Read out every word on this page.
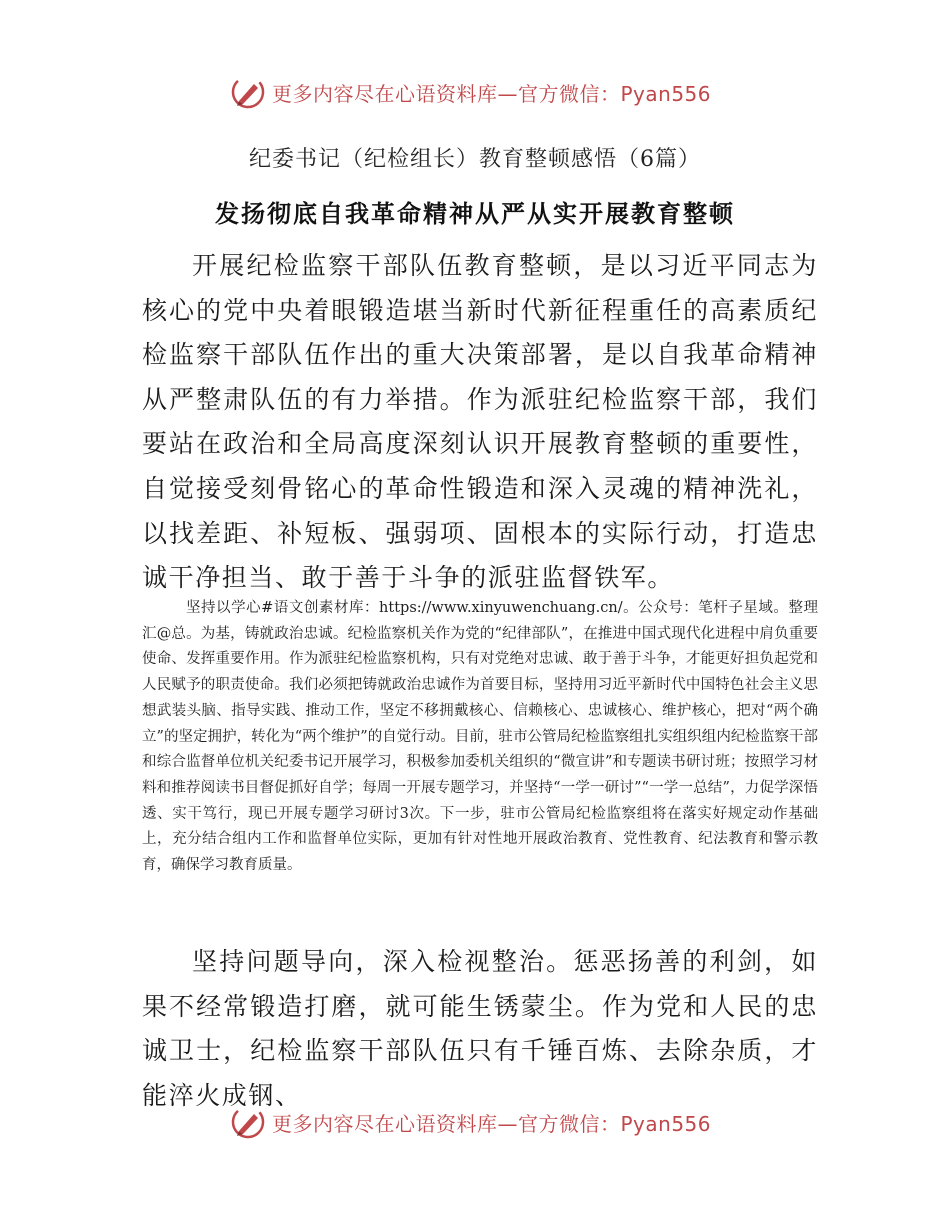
更多内容尽在心语资料库—官方微信：Pyan556
纪委书记（纪检组长）教育整顿感悟（6篇）
发扬彻底自我革命精神从严从实开展教育整顿

开展纪检监察干部队伍教育整顿，是以习近平同志为核心的党中央着眼锻造堪当新时代新征程重任的高素质纪检监察干部队伍作出的重大决策部署，是以自我革命精神从严整肃队伍的有力举措。作为派驻纪检监察干部，我们要站在政治和全局高度深刻认识开展教育整顿的重要性，自觉接受刻骨铭心的革命性锻造和深入灵魂的精神洗礼，以找差距、补短板、强弱项、固根本的实际行动，打造忠诚干净担当、敢于善于斗争的派驻监督铁军。

坚持以学心#语文创素材库：https://www.xinyuwenchuang.cn/。公众号：笔杆子星域。整理汇@总。为基，铸就政治忠诚。纪检监察机关作为党的“纪律部队”，在推进中国式现代化进程中肩负重要使命、发挥重要作用。作为派驻纪检监察机构，只有对党绝对忠诚、敢于善于斗争，才能更好担负起党和人民赋予的职责使命。我们必须把铸就政治忠诚作为首要目标，坚持用习近平新时代中国特色社会主义思想武装头脑、指导实践、推动工作，坚定不移拥戴核心、信赖核心、忠诚核心、维护核心，把对“两个确立”的坚定拥护，转化为“两个维护”的自觉行动。目前，驻市公管局纪检监察组扎实组织组内纪检监察干部和综合监督单位机关纪委书记开展学习，积极参加委机关组织的“微宣讲”和专题读书研讨班；按照学习材料和推荐阅读书目督促抓好自学；每周一开展专题学习，并坚持“一学一研讨”“一学一总结”，力促学深悟透、实干笃行，现已开展专题学习研讨3次。下一步，驻市公管局纪检监察组将在落实好规定动作基础上，充分结合组内工作和监督单位实际，更加有针对性地开展政治教育、党性教育、纪法教育和警示教育，确保学习教育质量。

坚持问题导向，深入检视整治。惩恶扬善的利剑，如果不经常锻造打磨，就可能生锈蒙尘。作为党和人民的忠诚卫士，纪检监察干部队伍只有千锤百炼、去除杂质，才能淬火成钢、

更多内容尽在心语资料库—官方微信：Pyan556
